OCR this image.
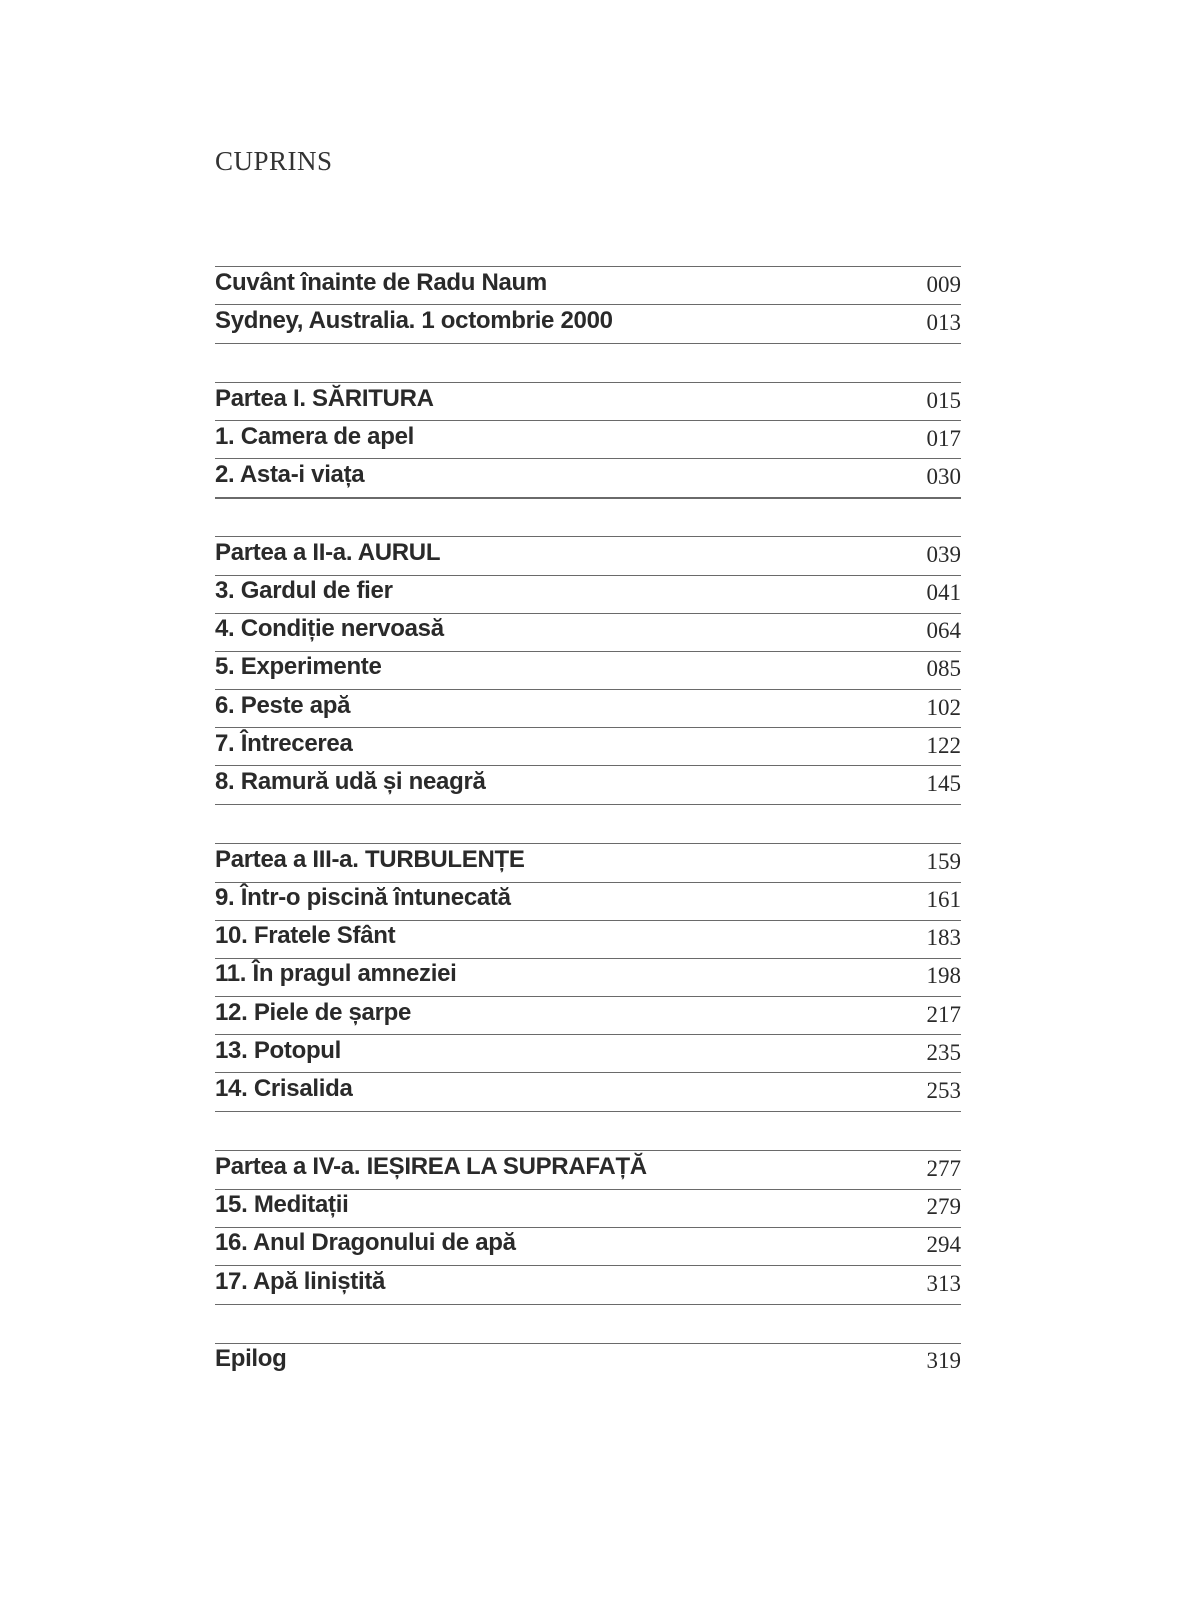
CUPRINS
Cuvânt înainte de Radu Naum	009
Sydney, Australia. 1 octombrie 2000	013
Partea I. SĂRITURA	015
1. Camera de apel	017
2. Asta-i viața	030
Partea a II-a. AURUL	039
3. Gardul de fier	041
4. Condiție nervoasă	064
5. Experimente	085
6. Peste apă	102
7. Întrecerea	122
8. Ramură udă și neagră	145
Partea a III-a. TURBULENȚE	159
9. Într-o piscină întunecată	161
10. Fratele Sfânt	183
11. În pragul amneziei	198
12. Piele de șarpe	217
13. Potopul	235
14. Crisalida	253
Partea a IV-a. IEȘIREA LA SUPRAFAȚĂ	277
15. Meditații	279
16. Anul Dragonului de apă	294
17. Apă liniștită	313
Epilog	319
